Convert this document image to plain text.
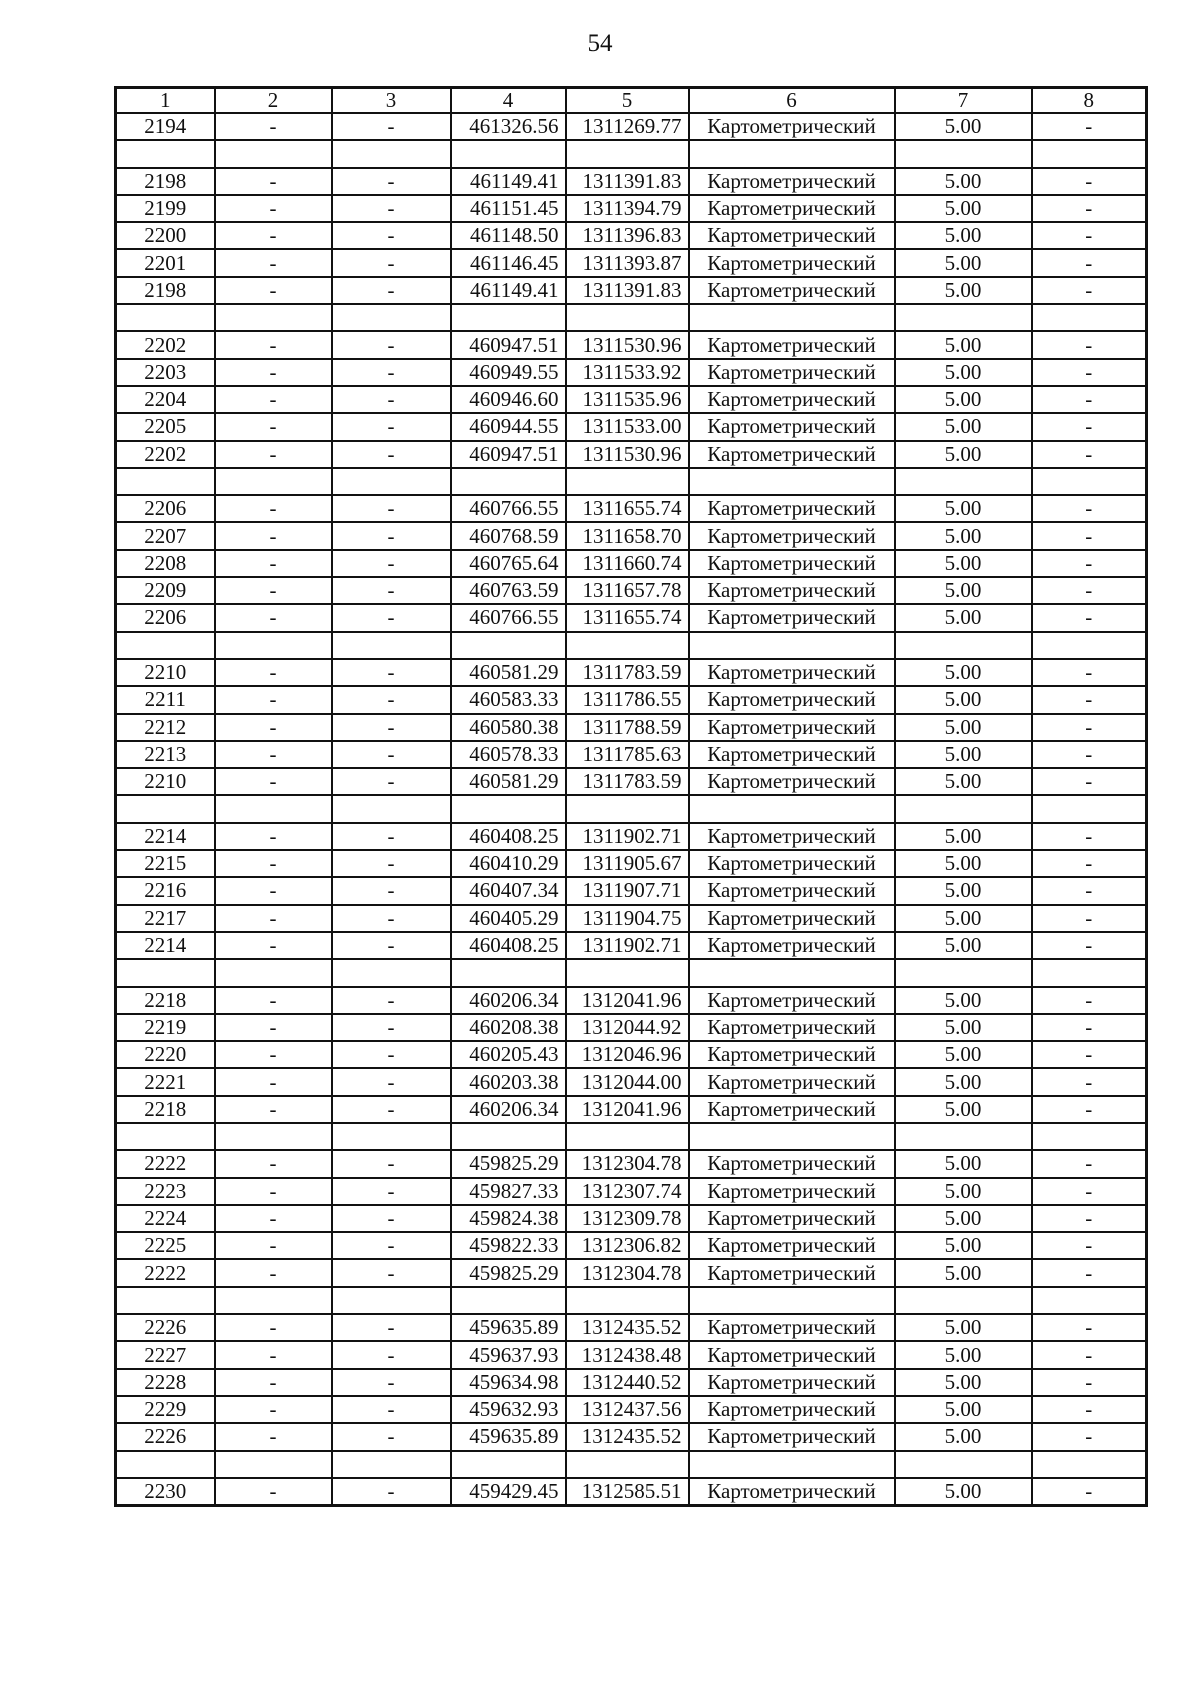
54
1	2	3	4	5	6	7	8
2194	-	-	461326.56	1311269.77	Картометрический	5.00	-

2198	-	-	461149.41	1311391.83	Картометрический	5.00	-
2199	-	-	461151.45	1311394.79	Картометрический	5.00	-
2200	-	-	461148.50	1311396.83	Картометрический	5.00	-
2201	-	-	461146.45	1311393.87	Картометрический	5.00	-
2198	-	-	461149.41	1311391.83	Картометрический	5.00	-

2202	-	-	460947.51	1311530.96	Картометрический	5.00	-
2203	-	-	460949.55	1311533.92	Картометрический	5.00	-
2204	-	-	460946.60	1311535.96	Картометрический	5.00	-
2205	-	-	460944.55	1311533.00	Картометрический	5.00	-
2202	-	-	460947.51	1311530.96	Картометрический	5.00	-

2206	-	-	460766.55	1311655.74	Картометрический	5.00	-
2207	-	-	460768.59	1311658.70	Картометрический	5.00	-
2208	-	-	460765.64	1311660.74	Картометрический	5.00	-
2209	-	-	460763.59	1311657.78	Картометрический	5.00	-
2206	-	-	460766.55	1311655.74	Картометрический	5.00	-

2210	-	-	460581.29	1311783.59	Картометрический	5.00	-
2211	-	-	460583.33	1311786.55	Картометрический	5.00	-
2212	-	-	460580.38	1311788.59	Картометрический	5.00	-
2213	-	-	460578.33	1311785.63	Картометрический	5.00	-
2210	-	-	460581.29	1311783.59	Картометрический	5.00	-

2214	-	-	460408.25	1311902.71	Картометрический	5.00	-
2215	-	-	460410.29	1311905.67	Картометрический	5.00	-
2216	-	-	460407.34	1311907.71	Картометрический	5.00	-
2217	-	-	460405.29	1311904.75	Картометрический	5.00	-
2214	-	-	460408.25	1311902.71	Картометрический	5.00	-

2218	-	-	460206.34	1312041.96	Картометрический	5.00	-
2219	-	-	460208.38	1312044.92	Картометрический	5.00	-
2220	-	-	460205.43	1312046.96	Картометрический	5.00	-
2221	-	-	460203.38	1312044.00	Картометрический	5.00	-
2218	-	-	460206.34	1312041.96	Картометрический	5.00	-

2222	-	-	459825.29	1312304.78	Картометрический	5.00	-
2223	-	-	459827.33	1312307.74	Картометрический	5.00	-
2224	-	-	459824.38	1312309.78	Картометрический	5.00	-
2225	-	-	459822.33	1312306.82	Картометрический	5.00	-
2222	-	-	459825.29	1312304.78	Картометрический	5.00	-

2226	-	-	459635.89	1312435.52	Картометрический	5.00	-
2227	-	-	459637.93	1312438.48	Картометрический	5.00	-
2228	-	-	459634.98	1312440.52	Картометрический	5.00	-
2229	-	-	459632.93	1312437.56	Картометрический	5.00	-
2226	-	-	459635.89	1312435.52	Картометрический	5.00	-

2230	-	-	459429.45	1312585.51	Картометрический	5.00	-
